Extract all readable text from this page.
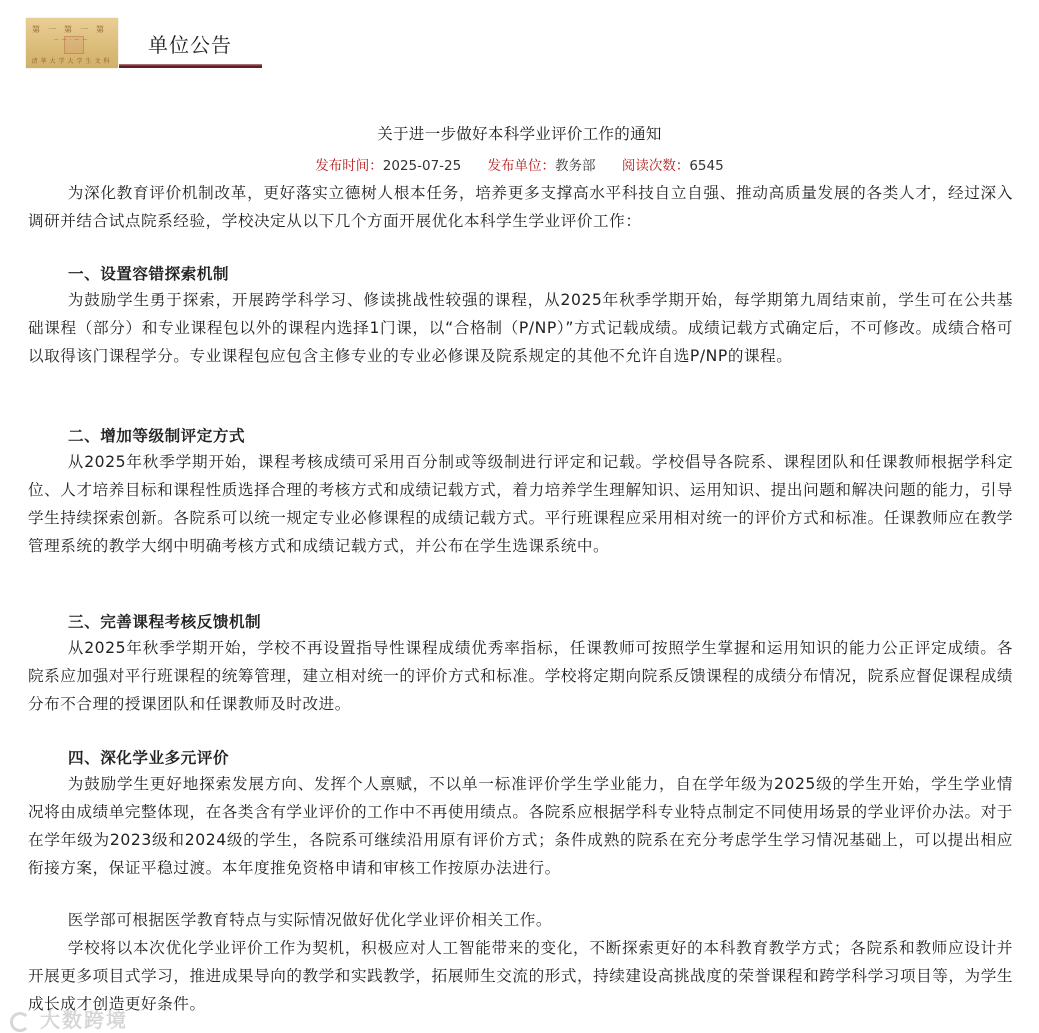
第一第一第
——·——
清华大学大学生文科
单位公告
关于进一步做好本科学业评价工作的通知
发布时间：2025-07-25 发布单位：教务部 阅读次数：6545

为深化教育评价机制改革，更好落实立德树人根本任务，培养更多支撑高水平科技自立自强、推动高质量发展的各类人才，经过深入调研并结合试点院系经验，学校决定从以下几个方面开展优化本科学生学业评价工作：

一、设置容错探索机制

为鼓励学生勇于探索，开展跨学科学习、修读挑战性较强的课程，从2025年秋季学期开始，每学期第九周结束前，学生可在公共基础课程（部分）和专业课程包以外的课程内选择1门课，以“合格制（P/NP）”方式记载成绩。成绩记载方式确定后，不可修改。成绩合格可以取得该门课程学分。专业课程包应包含主修专业的专业必修课及院系规定的其他不允许自选P/NP的课程。

二、增加等级制评定方式

从2025年秋季学期开始，课程考核成绩可采用百分制或等级制进行评定和记载。学校倡导各院系、课程团队和任课教师根据学科定位、人才培养目标和课程性质选择合理的考核方式和成绩记载方式，着力培养学生理解知识、运用知识、提出问题和解决问题的能力，引导学生持续探索创新。各院系可以统一规定专业必修课程的成绩记载方式。平行班课程应采用相对统一的评价方式和标准。任课教师应在教学管理系统的教学大纲中明确考核方式和成绩记载方式，并公布在学生选课系统中。

三、完善课程考核反馈机制

从2025年秋季学期开始，学校不再设置指导性课程成绩优秀率指标，任课教师可按照学生掌握和运用知识的能力公正评定成绩。各院系应加强对平行班课程的统筹管理，建立相对统一的评价方式和标准。学校将定期向院系反馈课程的成绩分布情况，院系应督促课程成绩分布不合理的授课团队和任课教师及时改进。

四、深化学业多元评价

为鼓励学生更好地探索发展方向、发挥个人禀赋，不以单一标准评价学生学业能力，自在学年级为2025级的学生开始，学生学业情况将由成绩单完整体现，在各类含有学业评价的工作中不再使用绩点。各院系应根据学科专业特点制定不同使用场景的学业评价办法。对于在学年级为2023级和2024级的学生，各院系可继续沿用原有评价方式；条件成熟的院系在充分考虑学生学习情况基础上，可以提出相应衔接方案，保证平稳过渡。本年度推免资格申请和审核工作按原办法进行。

医学部可根据医学教育特点与实际情况做好优化学业评价相关工作。

学校将以本次优化学业评价工作为契机，积极应对人工智能带来的变化，不断探索更好的本科教育教学方式；各院系和教师应设计并开展更多项目式学习，推进成果导向的教学和实践教学，拓展师生交流的形式，持续建设高挑战度的荣誉课程和跨学科学习项目等，为学生成长成才创造更好条件。

大数跨境
